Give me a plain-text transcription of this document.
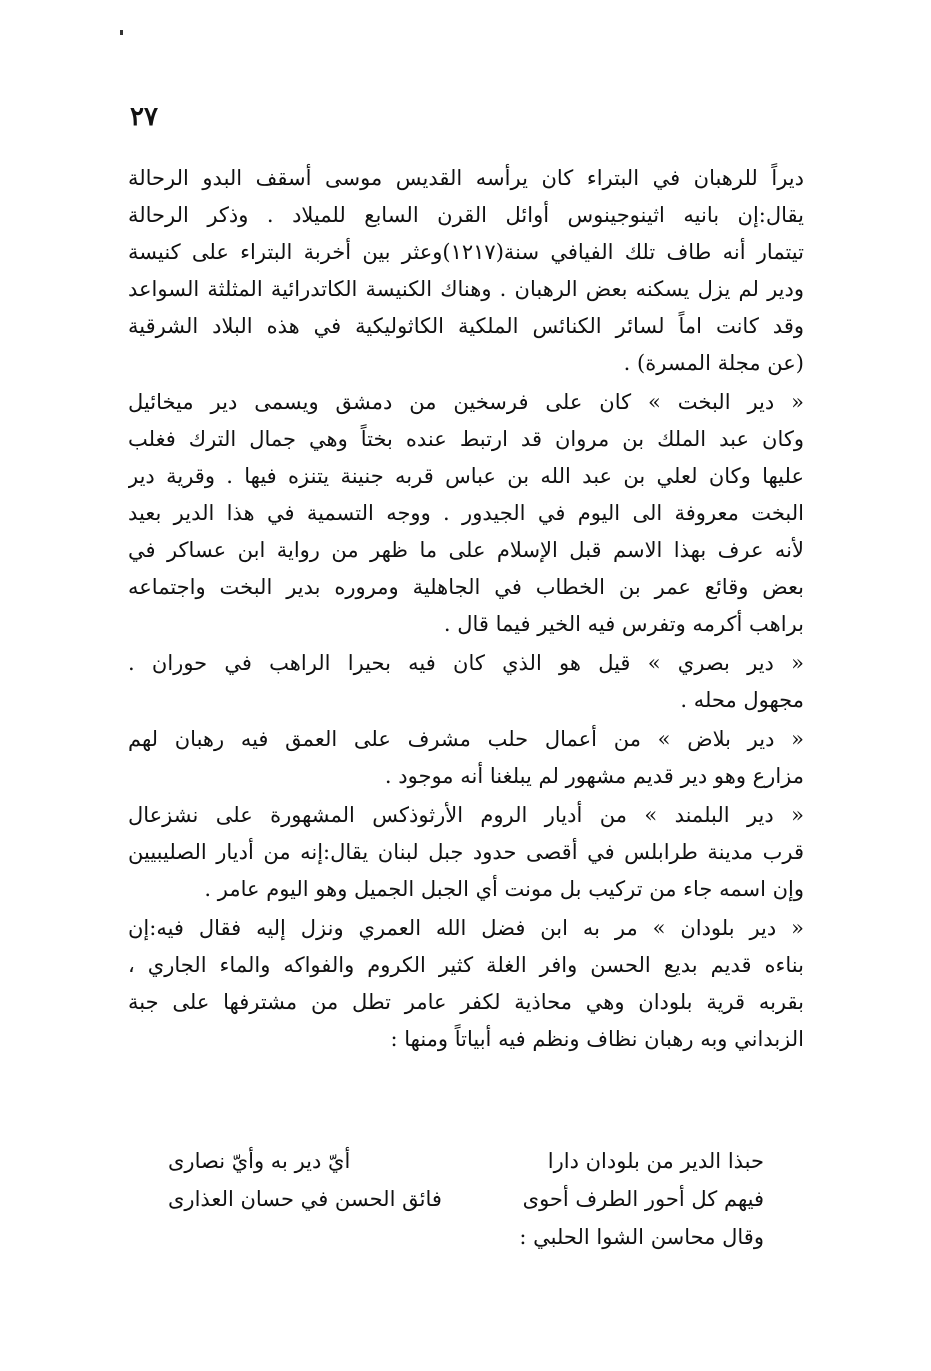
٢٧
ديراً للرهبان في البتراء كان يرأسه القديس موسى أسقف البدو الرحالة
يقال:إن بانيه اثينوجينوس أوائل القرن السابع للميلاد . وذكر الرحالة
تيتمار أنه طاف تلك الفيافي سنة(١٢١٧)وعثر بين أخربة البتراء على كنيسة
ودير لم يزل يسكنه بعض الرهبان . وهناك الكنيسة الكاتدرائية المثلثة السواعد
وقد كانت اماً لسائر الكنائس الملكية الكاثوليكية في هذه البلاد الشرقية
(عن مجلة المسرة) .
« دير البخت » كان على فرسخين من دمشق ويسمى دير ميخائيل
وكان عبد الملك بن مروان قد ارتبط عنده بختاً وهي جمال الترك فغلب
عليها وكان لعلي بن عبد الله بن عباس قربه جنينة يتنزه فيها . وقرية دير
البخت معروفة الى اليوم في الجيدور . ووجه التسمية في هذا الدير بعيد
لأنه عرف بهذا الاسم قبل الإسلام على ما ظهر من رواية ابن عساكر في
بعض وقائع عمر بن الخطاب في الجاهلية ومروره بدير البخت واجتماعه
براهب أكرمه وتفرس فيه الخير فيما قال .
« دير بصري » قيل هو الذي كان فيه بحيرا الراهب في حوران .
مجهول محله .
« دير بلاض » من أعمال حلب مشرف على العمق فيه رهبان لهم
مزارع وهو دير قديم مشهور لم يبلغنا أنه موجود .
« دير البلمند » من أديار الروم الأرثوذكس المشهورة على نشزعال
قرب مدينة طرابلس في أقصى حدود جبل لبنان يقال:إنه من أديار الصليبيين
وإن اسمه جاء من تركيب بل مونت أي الجبل الجميل وهو اليوم عامر .
« دير بلودان » مر به ابن فضل الله العمري ونزل إليه فقال فيه:إن
بناءه قديم بديع الحسن وافر الغلة كثير الكروم والفواكه والماء الجاري ،
بقربه قرية بلودان وهي محاذية لكفر عامر تطل من مشترفها على جبة
الزبداني وبه رهبان نظاف ونظم فيه أبياتاً ومنها :
حبذا الدير من بلودان دارا
أيّ دير به وأيّ نصارى
فيهم كل أحور الطرف أحوى
فائق الحسن في حسان العذارى
وقال محاسن الشوا الحلبي :
